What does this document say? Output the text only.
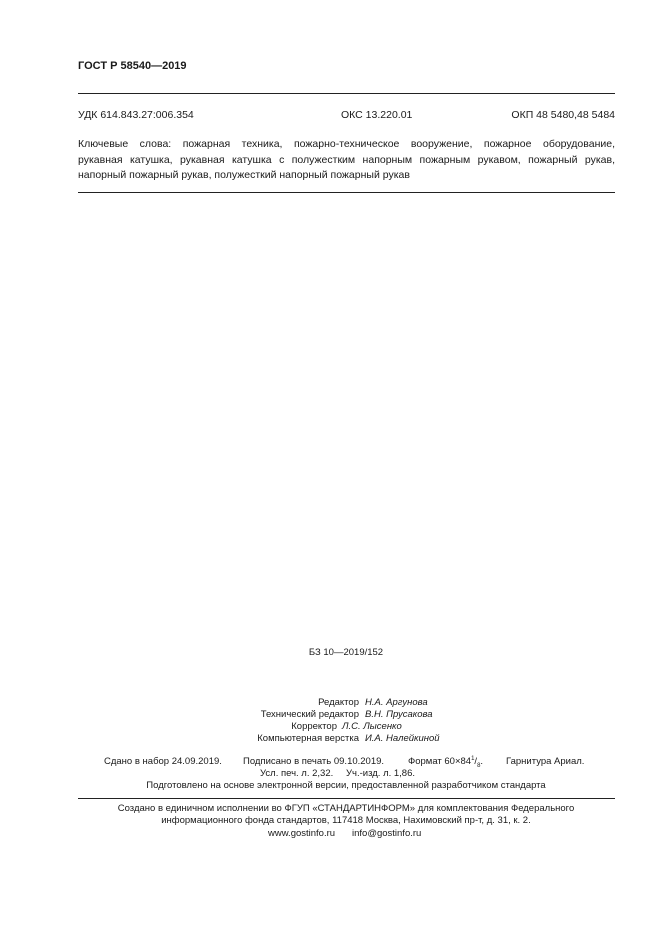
ГОСТ Р 58540—2019
УДК 614.843.27:006.354	ОКС 13.220.01	ОКП 48 5480,48 5484
Ключевые слова: пожарная техника, пожарно-техническое вооружение, пожарное оборудование,
рукавная катушка, рукавная катушка с полужестким напорным пожарным рукавом, пожарный рукав,
напорный пожарный рукав, полужесткий напорный пожарный рукав
БЗ 10—2019/152
Редактор Н.А. Аргунова
Технический редактор В.Н. Прусакова
Корректор Л.С. Лысенко
Компьютерная верстка И.А. Налейкиной
Сдано в набор 24.09.2019. Подписано в печать 09.10.2019.	Формат $60\times 84^1/_8$. Гарнитура Ариал.
Усл. печ. л. 2,32. Уч.-изд. л. 1,86.
Подготовлено на основе электронной версии, предоставленной разработчиком стандарта
Создано в единичном исполнении во ФГУП «СТАНДАРТИНФОРМ» для комплектования Федерального
информационного фонда стандартов, 117418 Москва, Нахимовский пр-т, д. 31, к. 2.
www.gostinfo.ru info@gostinfo.ru
